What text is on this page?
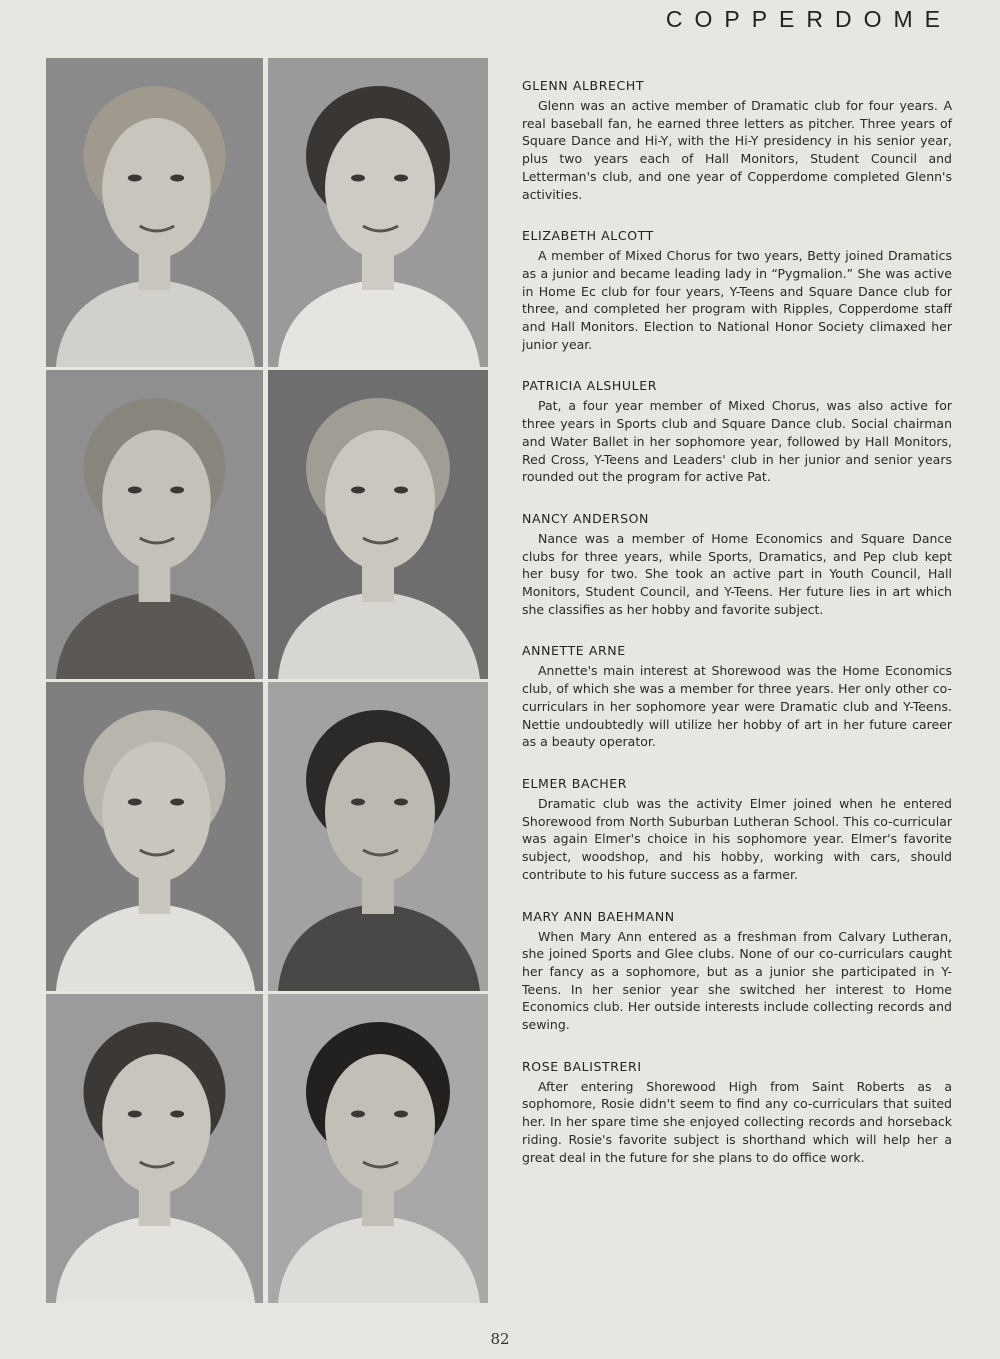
COPPERDOME
GLENN ALBRECHT

Glenn was an active member of Dramatic club for four years. A real baseball fan, he earned three letters as pitcher. Three years of Square Dance and Hi-Y, with the Hi-Y presidency in his senior year, plus two years each of Hall Monitors, Student Council and Letterman's club, and one year of Copperdome completed Glenn's activities.

ELIZABETH ALCOTT

A member of Mixed Chorus for two years, Betty joined Dramatics as a junior and became leading lady in “Pygmalion.” She was active in Home Ec club for four years, Y-Teens and Square Dance club for three, and completed her program with Ripples, Copperdome staff and Hall Monitors. Election to National Honor Society climaxed her junior year.

PATRICIA ALSHULER

Pat, a four year member of Mixed Chorus, was also active for three years in Sports club and Square Dance club. Social chairman and Water Ballet in her sophomore year, followed by Hall Monitors, Red Cross, Y-Teens and Leaders' club in her junior and senior years rounded out the program for active Pat.

NANCY ANDERSON

Nance was a member of Home Economics and Square Dance clubs for three years, while Sports, Dramatics, and Pep club kept her busy for two. She took an active part in Youth Council, Hall Monitors, Student Council, and Y-Teens. Her future lies in art which she classifies as her hobby and favorite subject.

ANNETTE ARNE

Annette's main interest at Shorewood was the Home Economics club, of which she was a member for three years. Her only other co-curriculars in her sophomore year were Dramatic club and Y-Teens. Nettie undoubtedly will utilize her hobby of art in her future career as a beauty operator.

ELMER BACHER

Dramatic club was the activity Elmer joined when he entered Shorewood from North Suburban Lutheran School. This co-curricular was again Elmer's choice in his sophomore year. Elmer's favorite subject, woodshop, and his hobby, working with cars, should contribute to his future success as a farmer.

MARY ANN BAEHMANN

When Mary Ann entered as a freshman from Calvary Lutheran, she joined Sports and Glee clubs. None of our co-curriculars caught her fancy as a sophomore, but as a junior she participated in Y-Teens. In her senior year she switched her interest to Home Economics club. Her outside interests include collecting records and sewing.

ROSE BALISTRERI

After entering Shorewood High from Saint Roberts as a sophomore, Rosie didn't seem to find any co-curriculars that suited her. In her spare time she enjoyed collecting records and horseback riding. Rosie's favorite subject is shorthand which will help her a great deal in the future for she plans to do office work.

82
